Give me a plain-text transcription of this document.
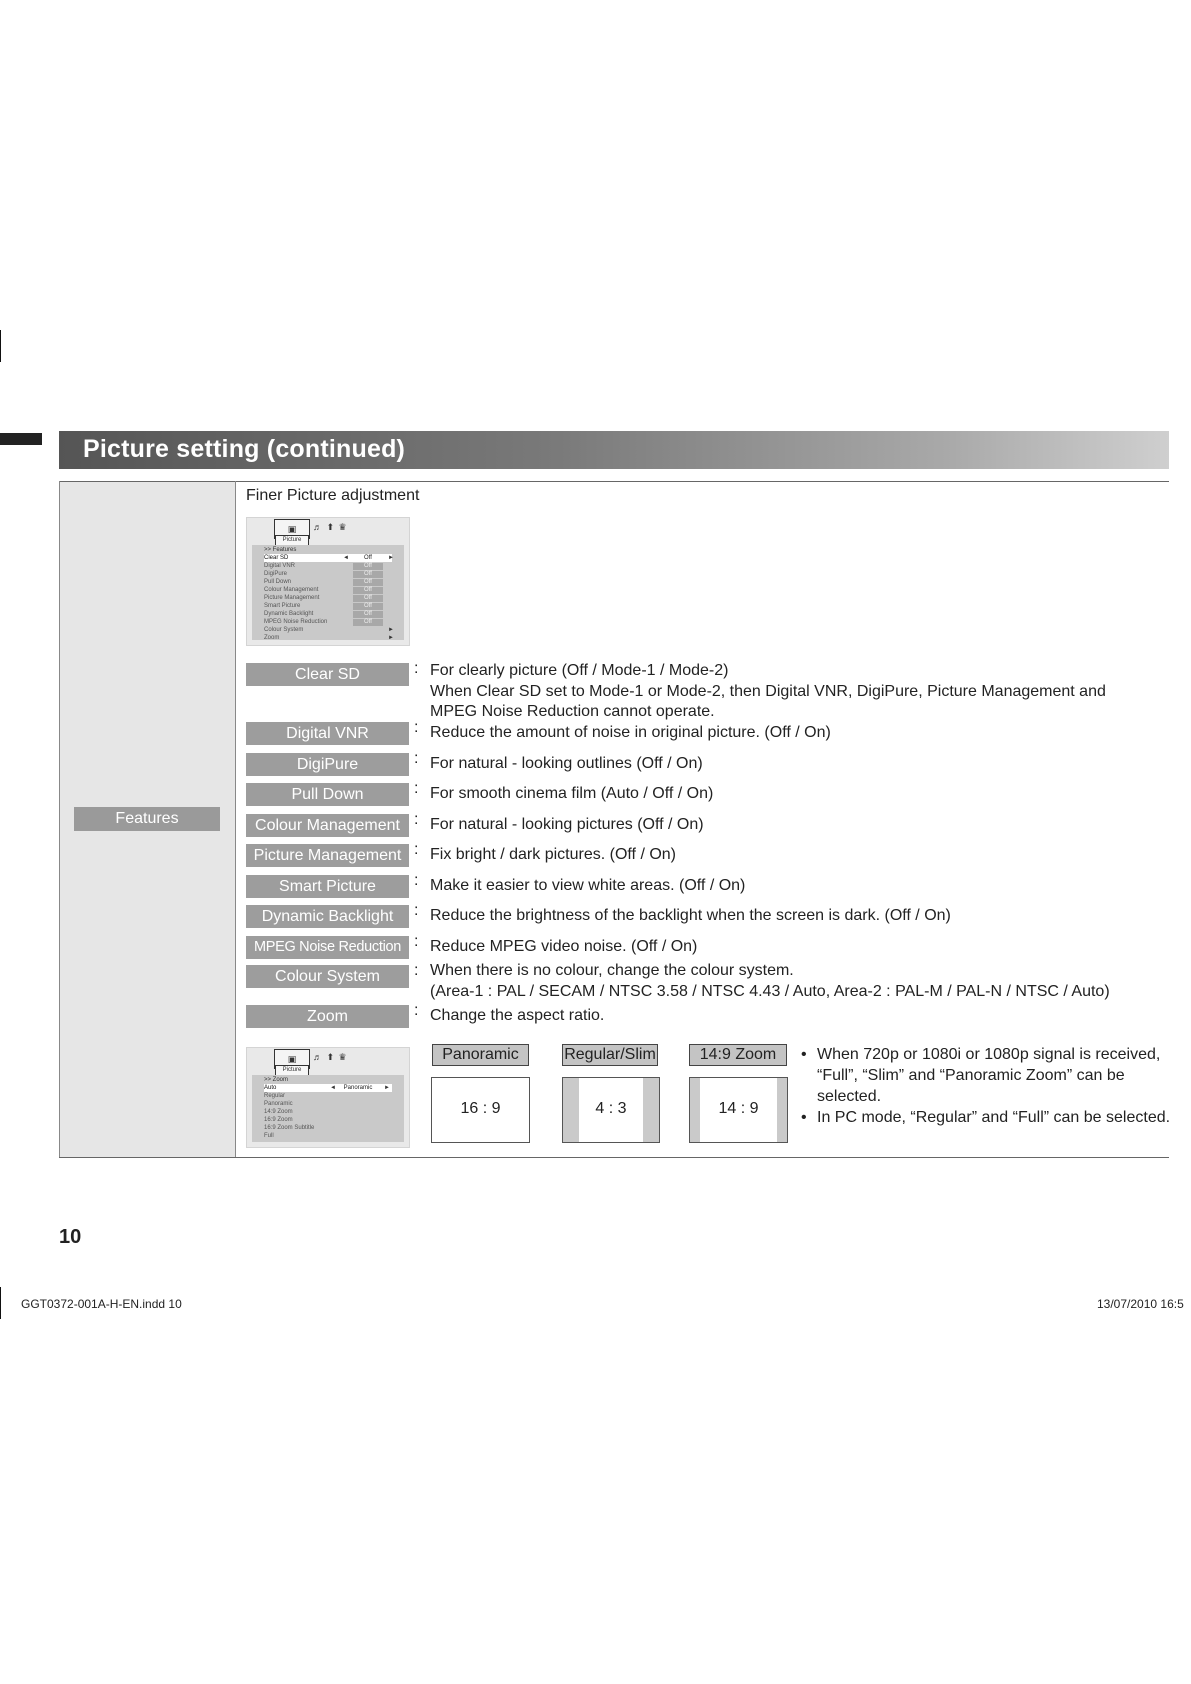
Picture setting (continued)
Features
Finer Picture adjustment
▣	♬ ⬆ ♛
Picture
>> Features
Clear SD	Off
◄	►
Digital VNR	Off
DigiPure	Off
Pull Down	Off
Colour Management	Off
Picture Management	Off
Smart Picture	Off
Dynamic Backlight	Off
MPEG Noise Reduction	Off
Colour System	►
Zoom	►
Clear SD	: For clearly picture (Off / Mode-1 / Mode-2)
When Clear SD set to Mode-1 or Mode-2, then Digital VNR, DigiPure, Picture Management and
MPEG Noise Reduction cannot operate.
Digital VNR	: Reduce the amount of noise in original picture. (Off / On)
DigiPure	: For natural - looking outlines (Off / On)
Pull Down	: For smooth cinema film (Auto / Off / On)
Colour Management : For natural - looking pictures (Off / On)
Picture Management : Fix bright / dark pictures. (Off / On)
Smart Picture	: Make it easier to view white areas. (Off / On)
Dynamic Backlight	: Reduce the brightness of the backlight when the screen is dark. (Off / On)
MPEG Noise Reduction : Reduce MPEG video noise. (Off / On)
Colour System	: When there is no colour, change the colour system.
(Area-1 : PAL / SECAM / NTSC 3.58 / NTSC 4.43 / Auto, Area-2 : PAL-M / PAL-N / NTSC / Auto)
Zoom	: Change the aspect ratio.
▣	♬ ⬆ ♛
Picture
>> Zoom
Auto	Panoramic
◄	►
Regular
Panoramic
14:9 Zoom
16:9 Zoom
16:9 Zoom Subtitle
Full
Panoramic
16 : 9
Regular/Slim
4 : 3
14:9 Zoom
14 : 9

• When 720p or 1080i or 1080p signal is received, “Full”, “Slim” and “Panoramic Zoom” can be selected.

• In PC mode, “Regular” and “Full” can be selected.

10
GGT0372-001A-H-EN.indd 10	13/07/2010 16:5
